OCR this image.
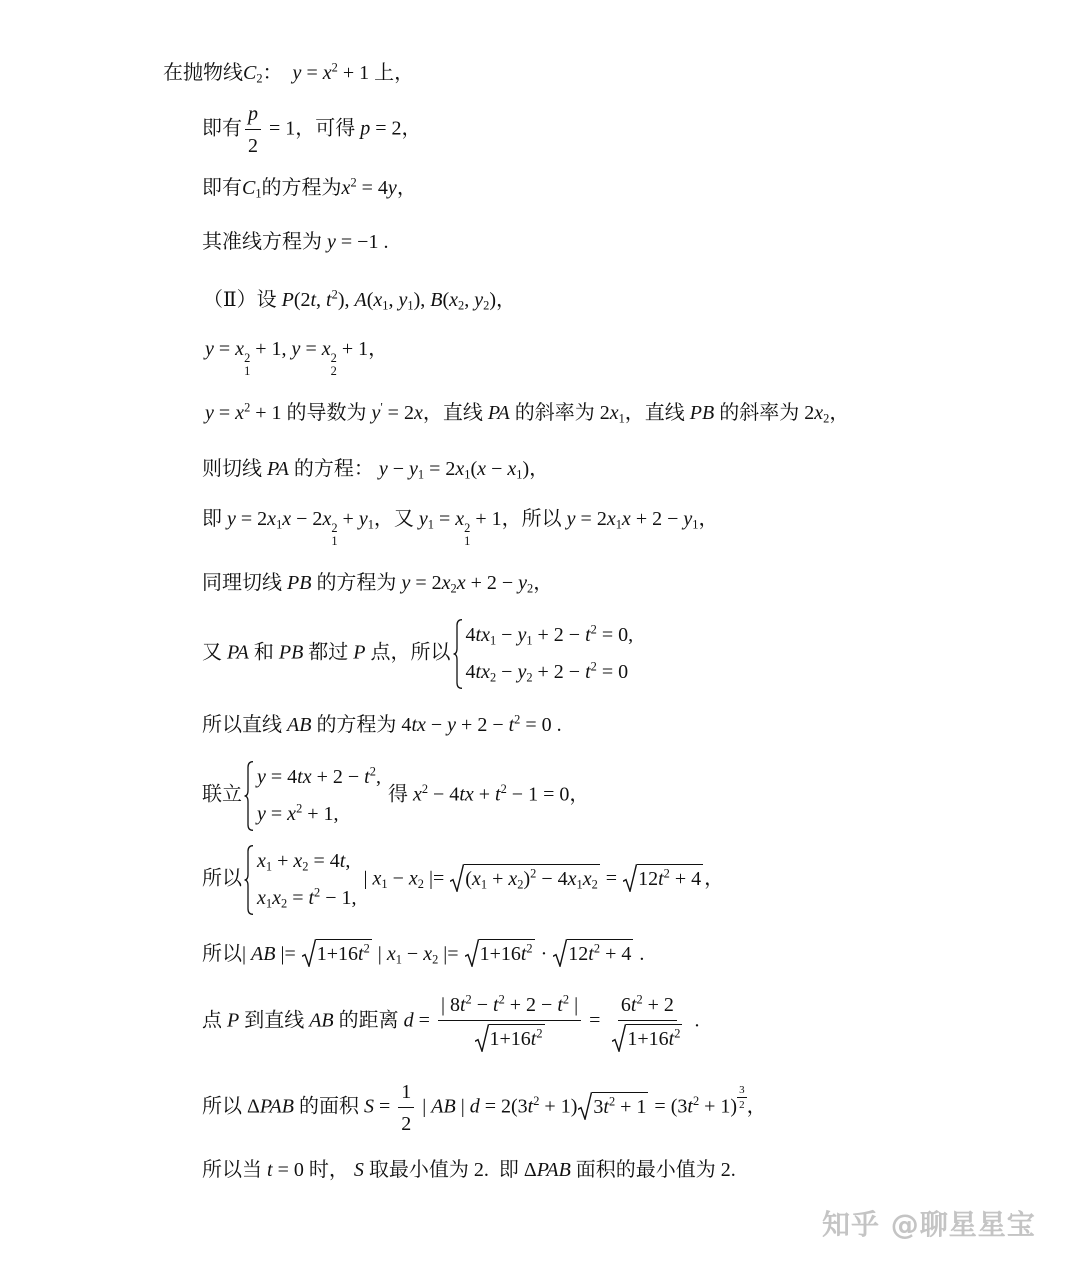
在抛物线$C_2$：  $y = x^2 + 1$ 上，
即有 $\frac{p}{2} = 1$，可得 p = 2，
即有$C_1$的方程为$x^2 = 4y$，
其准线方程为 y = −1 .
（Ⅱ）设 P(2t, $t^2$), $A(x_1$, $y_1$), $B(x_2$, $y_2$)，
y = x 2
1
+ 1, y = x 2
2
+ 1，
$y = x^2 + 1$ 的导数为 y' = 2x，直线 PA 的斜率为 $2x_1$，直线 PB 的斜率为 $2x_2$，
则切线 PA 的方程： $y - y_1 = 2x_1(x - x_1)$，
即 $y = 2x_1x - 2x$ 2
1
+ $y_1$，又 $y_1 = x$ 2
1
+ 1，所以 $y = 2x_1x + 2 - y_1$，
同理切线 PB 的方程为 $y = 2x_2x + 2 - y_2$，
又 PA 和 PB 都过 P 点，所以
$4tx_1 - y_1 + 2 - t^2 = 0$,
$4tx_2 - y_2 + 2 - t^2 = 0$
所以直线 AB 的方程为 $4tx - y + 2 - t^2 = 0$ .
联立
$y = 4tx + 2 - t^2$,
$y = x^2 + 1$,
得 $x^2 - 4tx + t^2 - 1 = 0$，
所以
$x_1 + x_2 = 4t$,
$x_1x_2 = t^2 - 1$,
| $x_1 - x_2$ |=
$(x_1 + x_2)^2 - 4x_1x_2$ =
$12t^2 + 4$ ，
所以| AB |=
$1+16t^2$ | $x_1 - x_2$ |=
$1+16t^2$ ·
$12t^2 + 4$ .
点 P 到直线 AB 的距离 $d = \frac{| 8t^2 - t^2 + 2 - t^2 |}{1+16t^2} = \frac{6t^2 + 2}{1+16t^2}$ .
所以 ΔPAB 的面积 $S = \frac{1}{2}$ | AB | $d = 2(3t^2 + 1) 3t^2 + 1 = (3t^2 + 1) \frac{3}{2}$ ，
所以当 t = 0 时， S 取最小值为 2.  即 ΔPAB 面积的最小值为 2.
知乎 @聊星星宝
